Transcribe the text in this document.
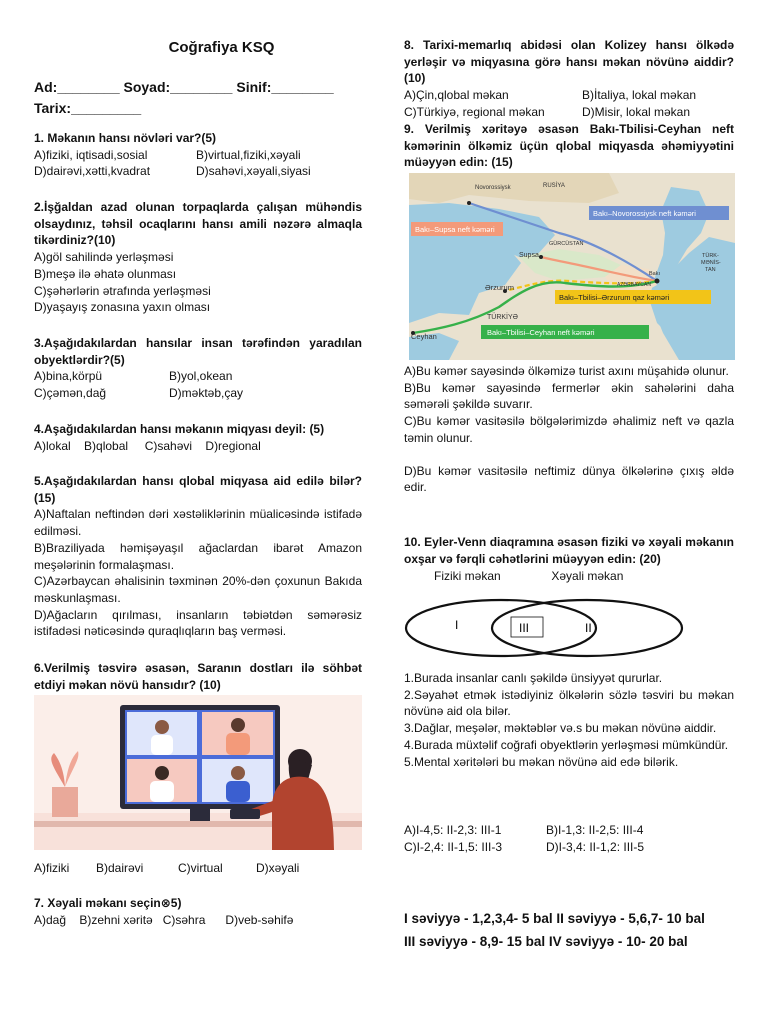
Coğrafiya KSQ
Ad:________ Soyad:________ Sinif:________
Tarix:_________
1. Məkanın hansı növləri var?(5)
A)fiziki, iqtisadi,sosial	B)virtual,fiziki,xəyali
D)dairəvi,xətti,kvadrat	D)sahəvi,xəyali,siyasi
2.İşğaldan azad olunan torpaqlarda çalışan mühəndis olsaydınız, təhsil ocaqlarını hansı amili nəzərə almaqla tikərdiniz?(10)
A)göl sahilində yerləşməsi
B)meşə ilə əhatə olunması
C)şəhərlərin ətrafında yerləşməsi
D)yaşayış zonasına yaxın olması
3.Aşağıdakılardan hansılar insan tərəfindən yaradılan obyektlərdir?(5)
A)bina,körpü	B)yol,okean
C)çəmən,dağ	D)məktəb,çay
4.Aşağıdakılardan hansı məkanın miqyası deyil: (5)
A)lokal    B)qlobal     C)sahəvi    D)regional
5.Aşağıdakılardan hansı qlobal miqyasa aid edilə bilər?(15)
A)Naftalan neftindən dəri xəstəliklərinin müalicəsində istifadə edilməsi.
B)Braziliyada həmişəyaşıl ağaclardan ibarət Amazon meşələrinin formalaşması.
C)Azərbaycan əhalisinin təxminən 20%-dən çoxunun Bakıda məskunlaşması.
D)Ağacların qırılması, insanların təbiətdən səmərəsiz istifadəsi nəticəsində quraqlıqların baş verməsi.
6.Verilmiş təsvirə əsasən, Saranın dostları ilə söhbət etdiyi məkan növü hansıdır? (10)
A)fiziki	B)dairəvi	C)virtual	D)xəyali
7. Xəyali məkanı seçin⊗5)
A)dağ    B)zehni xəritə   C)səhra      D)veb-səhifə
8. Tarixi-memarlıq abidəsi olan Kolizey hansı ölkədə yerləşir və miqyasına görə hansı məkan növünə aiddir? (10)
A)Çin,qlobal məkan	B)İtaliya, lokal məkan
C)Türkiyə, regional məkan	D)Misir, lokal məkan
9. Verilmiş xəritəyə əsasən Bakı-Tbilisi-Ceyhan neft kəmərinin ölkəmiz üçün qlobal miqyasda əhəmiyyətini müəyyən edin: (15)
Novorossiysk	RUSİYA
Bakı–Novorossiysk neft kəməri
Bakı–Supsa neft kəməri
GÜRCÜSTAN
Supsa	TÜRK-
MƏNİS-
TAN
AZƏRBAYCAN
Bakı
Ərzurum
Bakı–Tbilisi–Ərzurum qaz kəməri
TÜRKİYƏ
Ceyhan	Bakı–Tbilisi–Ceyhan neft kəməri
A)Bu kəmər sayəsində ölkəmizə turist axını müşahidə olunur.
B)Bu kəmər sayəsində fermerlər əkin sahələrini daha səmərəli şəkildə suvarır.
C)Bu kəmər vasitəsilə bölgələrimizdə əhalimiz neft və qazla təmin olunur.
D)Bu kəmər vasitəsilə neftimiz dünya ölkələrinə çıxış əldə edir.
10. Eyler-Venn diaqramına əsasən fiziki və xəyali məkanın oxşar və fərqli cəhətlərini müəyyən edin: (20)
Fiziki məkan	Xəyali məkan
I	III	II
1.Burada insanlar canlı şəkildə ünsiyyət qururlar.
2.Səyahət etmək istədiyiniz ölkələrin sözlə təsviri bu məkan növünə aid ola bilər.
3.Dağlar, meşələr, məktəblər və.s bu məkan növünə aiddir.
4.Burada müxtəlif coğrafi obyektlərin yerləşməsi mümkündür.
5.Mental xəritələri bu məkan növünə aid edə bilərik.
A)I-4,5: II-2,3: III-1	B)I-1,3: II-2,5: III-4
C)I-2,4: II-1,5: III-3	D)I-3,4: II-1,2: III-5
I səviyyə - 1,2,3,4- 5 bal II səviyyə - 5,6,7- 10 bal
III səviyyə - 8,9- 15 bal IV səviyyə - 10- 20 bal
